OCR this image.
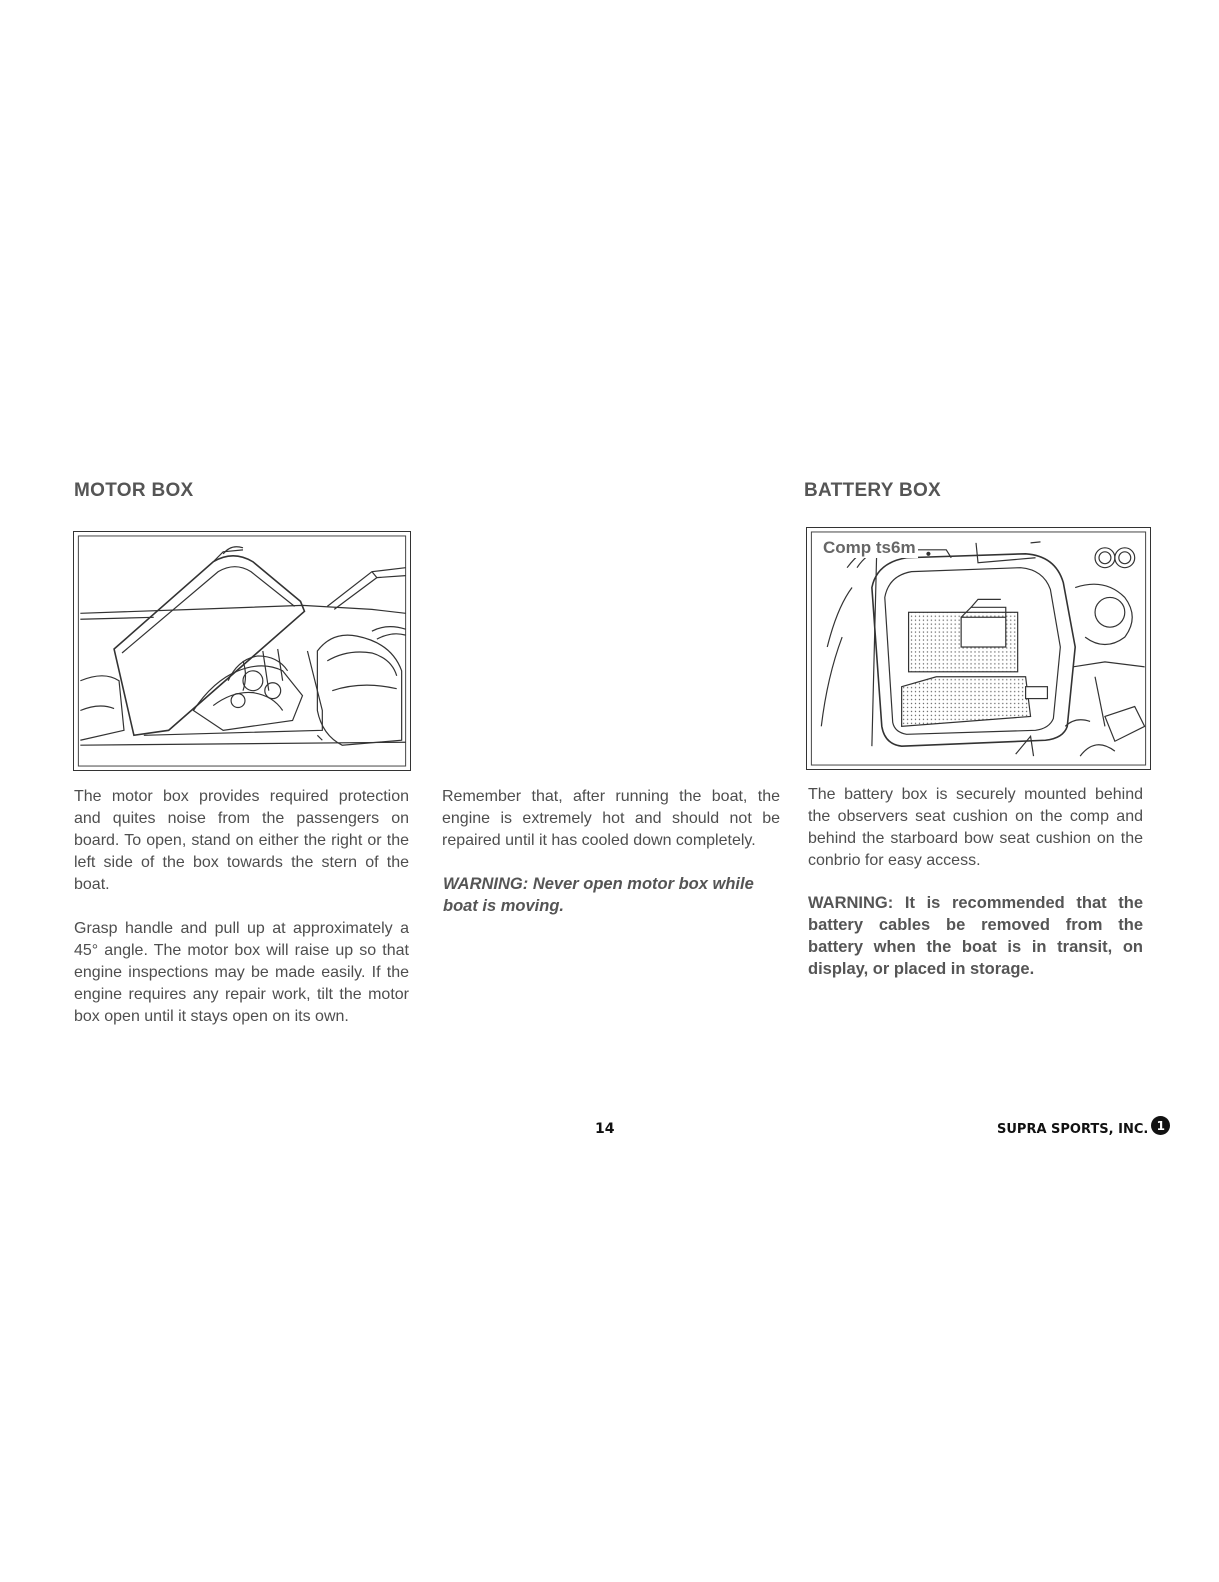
MOTOR BOX

The motor box provides required protection and quites noise from the passengers on board. To open, stand on either the right or the left side of the box towards the stern of the boat.

Grasp handle and pull up at approximately a 45° angle. The motor box will raise up so that engine inspections may be made easily. If the engine requires any repair work, tilt the motor box open until it stays open on its own.

Remember that, after running the boat, the engine is extremely hot and should not be repaired until it has cooled down completely.

WARNING: Never open motor box while boat is moving.

BATTERY BOX
Comp ts6m

The battery box is securely mounted behind the observers seat cushion on the comp and behind the starboard bow seat cushion on the conbrio for easy access.

WARNING: It is recommended that the battery cables be removed from the battery when the boat is in transit, on display, or placed in storage.

14	SUPRA SPORTS, INC. 1
